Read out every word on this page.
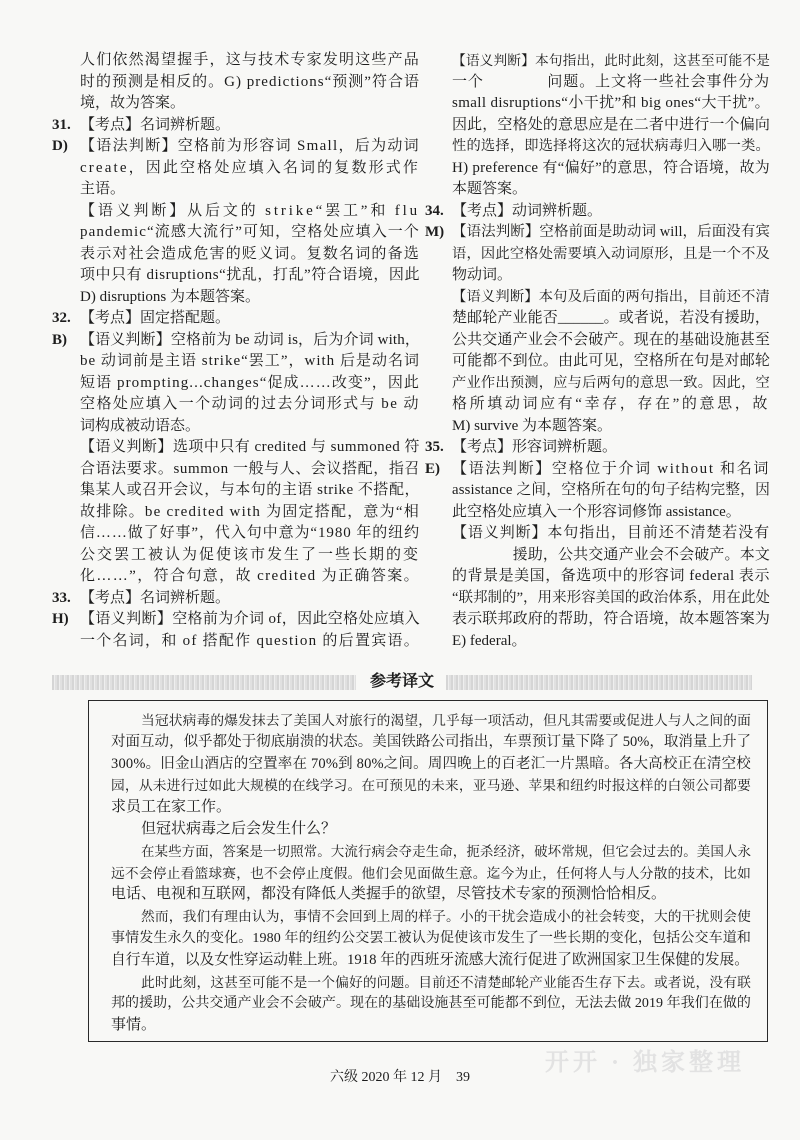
人们依然渴望握手，这与技术专家发明这些产品
时的预测是相反的。G) predictions“预测”符合语
境，故为答案。
31. 【考点】名词辨析题。
D) 【语法判断】空格前为形容词 Small，后为动词
create，因此空格处应填入名词的复数形式作
主语。
【语义判断】从后文的 strike“罢工”和 flu
pandemic“流感大流行”可知，空格处应填入一个
表示对社会造成危害的贬义词。复数名词的备选
项中只有 disruptions“扰乱，打乱”符合语境，因此
D) disruptions 为本题答案。
32. 【考点】固定搭配题。
B) 【语义判断】空格前为 be 动词 is，后为介词 with，
be 动词前是主语 strike“罢工”，with 后是动名词
短语 prompting...changes“促成……改变”，因此
空格处应填入一个动词的过去分词形式与 be 动
词构成被动语态。
【语义判断】选项中只有 credited 与 summoned 符
合语法要求。summon 一般与人、会议搭配，指召
集某人或召开会议，与本句的主语 strike 不搭配，
故排除。be credited with 为固定搭配，意为“相
信……做了好事”，代入句中意为“1980 年的纽约
公交罢工被认为促使该市发生了一些长期的变
化……”，符合句意，故 credited 为正确答案。
33. 【考点】名词辨析题。
H) 【语义判断】空格前为介词 of，因此空格处应填入
一个名词，和 of 搭配作 question 的后置宾语。
【语义判断】本句指出，此时此刻，这甚至可能不是
一个　　　　问题。上文将一些社会事件分为
small disruptions“小干扰”和 big ones“大干扰”。
因此，空格处的意思应是在二者中进行一个偏向
性的选择，即选择将这次的冠状病毒归入哪一类。
H) preference 有“偏好”的意思，符合语境，故为
本题答案。
34. 【考点】动词辨析题。
M) 【语法判断】空格前面是助动词 will，后面没有宾
语，因此空格处需要填入动词原形，且是一个不及
物动词。
【语义判断】本句及后面的两句指出，目前还不清
楚邮轮产业能否______。或者说，若没有援助，
公共交通产业会不会破产。现在的基础设施甚至
可能都不到位。由此可见，空格所在句是对邮轮
产业作出预测，应与后两句的意思一致。因此，空
格所填动词应有“幸存，存在”的意思，故
M) survive 为本题答案。
35. 【考点】形容词辨析题。
E) 【语法判断】空格位于介词 without 和名词
assistance 之间，空格所在句的句子结构完整，因
此空格处应填入一个形容词修饰 assistance。
【语义判断】本句指出，目前还不清楚若没有
　　　　援助，公共交通产业会不会破产。本文
的背景是美国，备选项中的形容词 federal 表示
“联邦制的”，用来形容美国的政治体系，用在此处
表示联邦政府的帮助，符合语境，故本题答案为
E) federal。
参考译文
当冠状病毒的爆发抹去了美国人对旅行的渴望，几乎每一项活动，但凡其需要或促进人与人之间的面
对面互动，似乎都处于彻底崩溃的状态。美国铁路公司指出，车票预订量下降了 50%，取消量上升了
300%。旧金山酒店的空置率在 70%到 80%之间。周四晚上的百老汇一片黑暗。各大高校正在清空校
园，从未进行过如此大规模的在线学习。在可预见的未来，亚马逊、苹果和纽约时报这样的白领公司都要
求员工在家工作。
但冠状病毒之后会发生什么？
在某些方面，答案是一切照常。大流行病会夺走生命，扼杀经济，破坏常规，但它会过去的。美国人永
远不会停止看篮球赛，也不会停止度假。他们会见面做生意。迄今为止，任何将人与人分散的技术，比如
电话、电视和互联网，都没有降低人类握手的欲望，尽管技术专家的预测恰恰相反。
然而，我们有理由认为，事情不会回到上周的样子。小的干扰会造成小的社会转变，大的干扰则会使
事情发生永久的变化。1980 年的纽约公交罢工被认为促使该市发生了一些长期的变化，包括公交车道和
自行车道，以及女性穿运动鞋上班。1918 年的西班牙流感大流行促进了欧洲国家卫生保健的发展。
此时此刻，这甚至可能不是一个偏好的问题。目前还不清楚邮轮产业能否生存下去。或者说，没有联
邦的援助，公共交通产业会不会破产。现在的基础设施甚至可能都不到位，无法去做 2019 年我们在做的
事情。
开开 · 独家整理
六级 2020 年 12 月 39
